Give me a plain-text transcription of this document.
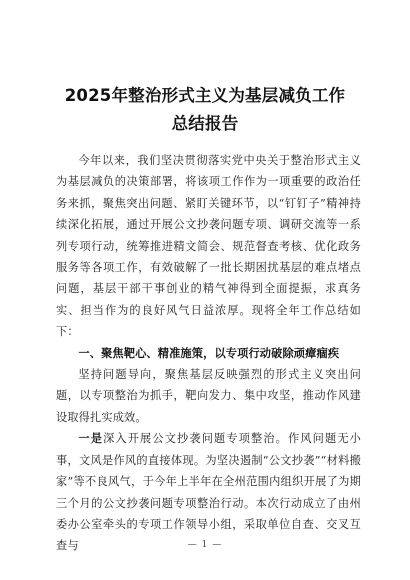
2025年整治形式主义为基层减负工作总结报告

今年以来，我们坚决贯彻落实党中央关于整治形式主义为基层减负的决策部署，将该项工作作为一项重要的政治任务来抓，聚焦突出问题、紧盯关键环节，以“钉钉子”精神持续深化拓展，通过开展公文抄袭问题专项、调研交流等一系列专项行动，统筹推进精文简会、规范督查考核、优化政务服务等各项工作，有效破解了一批长期困扰基层的难点堵点问题，基层干部干事创业的精气神得到全面提振，求真务实、担当作为的良好风气日益浓厚。现将全年工作总结如下：

一、聚焦靶心、精准施策，以专项行动破除顽瘴痼疾

坚持问题导向，聚焦基层反映强烈的形式主义突出问题，以专项整治为抓手，靶向发力、集中攻坚，推动作风建设取得扎实成效。

一是深入开展公文抄袭问题专项整治。作风问题无小事，文风是作风的直接体现。为坚决遏制“公文抄袭”“材料搬家”等不良风气，于今年上半年在全州范围内组织开展了为期三个月的公文抄袭问题专项整治行动。本次行动成立了由州委办公室牵头的专项工作领导小组，采取单位自查、交叉互查与	— 1 —
